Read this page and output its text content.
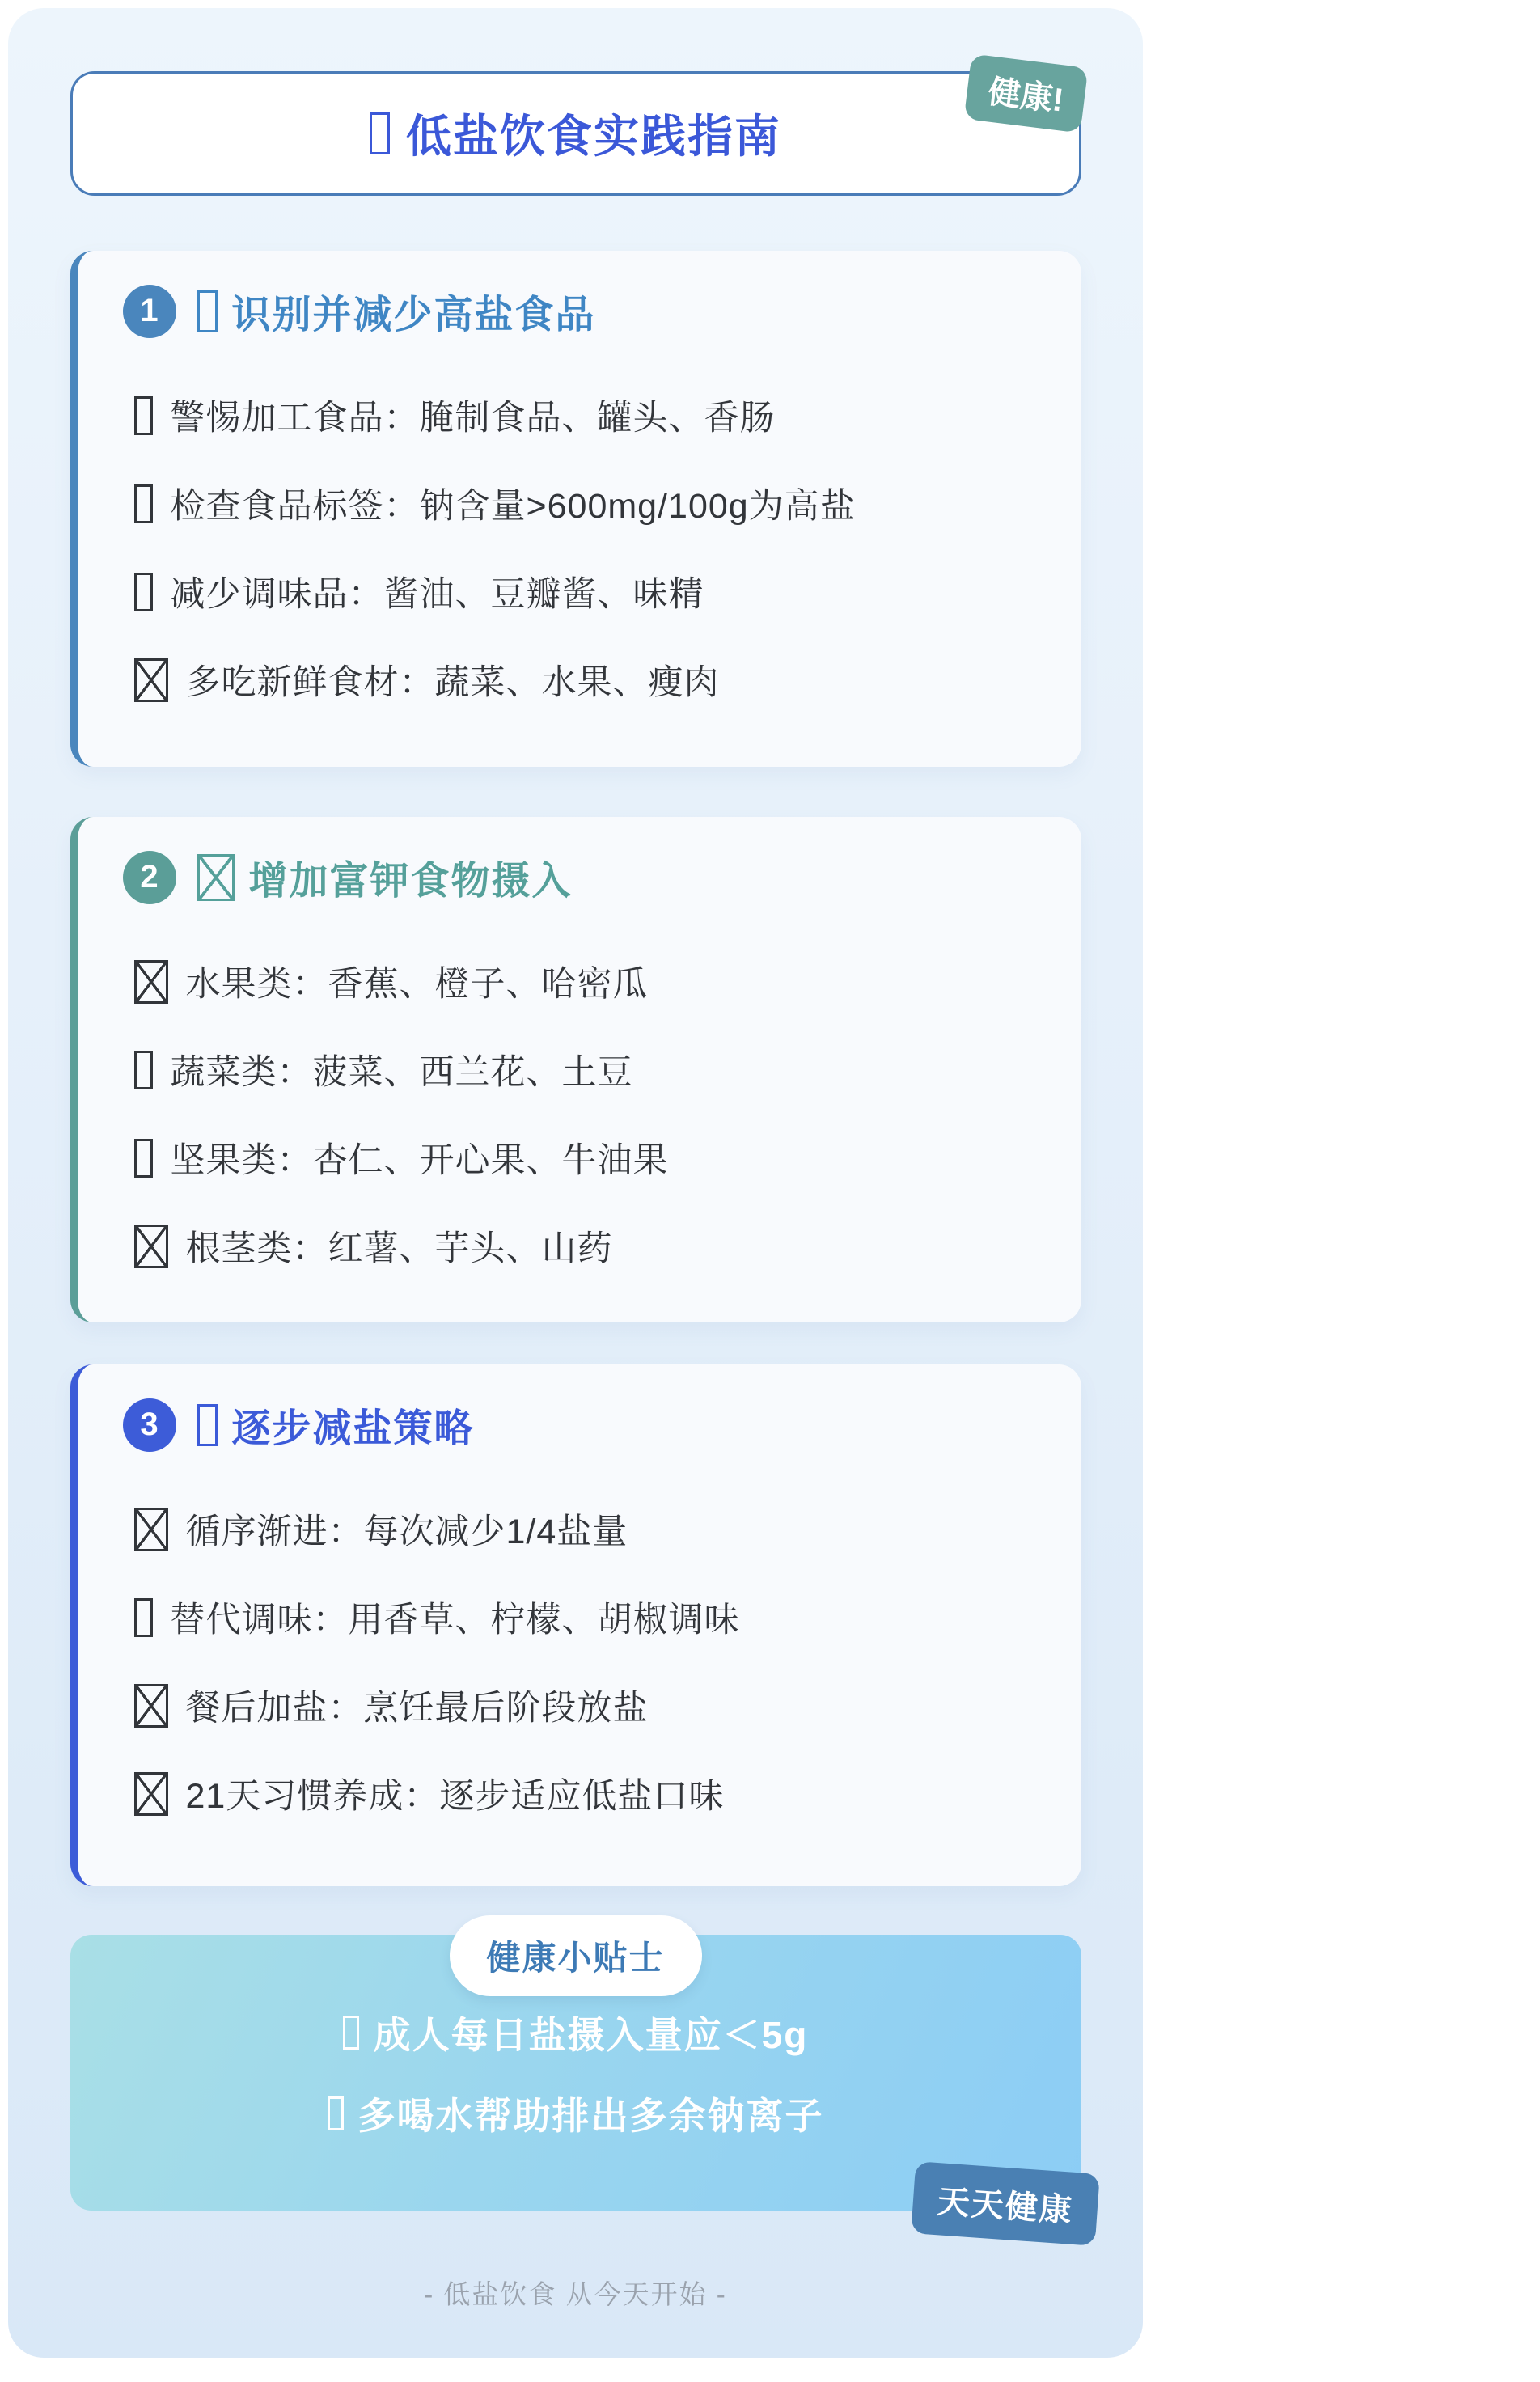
低盐饮食实践指南
健康!
1	识别并减少高盐食品
警惕加工食品：腌制食品、罐头、香肠
检查食品标签：钠含量>600mg/100g为高盐
减少调味品：酱油、豆瓣酱、味精
多吃新鲜食材：蔬菜、水果、瘦肉
2	增加富钾食物摄入
水果类：香蕉、橙子、哈密瓜
蔬菜类：菠菜、西兰花、土豆
坚果类：杏仁、开心果、牛油果
根茎类：红薯、芋头、山药
3	逐步减盐策略
循序渐进：每次减少1/4盐量
替代调味：用香草、柠檬、胡椒调味
餐后加盐：烹饪最后阶段放盐
21天习惯养成：逐步适应低盐口味
健康小贴士
成人每日盐摄入量应＜5g
多喝水帮助排出多余钠离子
天天健康
- 低盐饮食 从今天开始 -
